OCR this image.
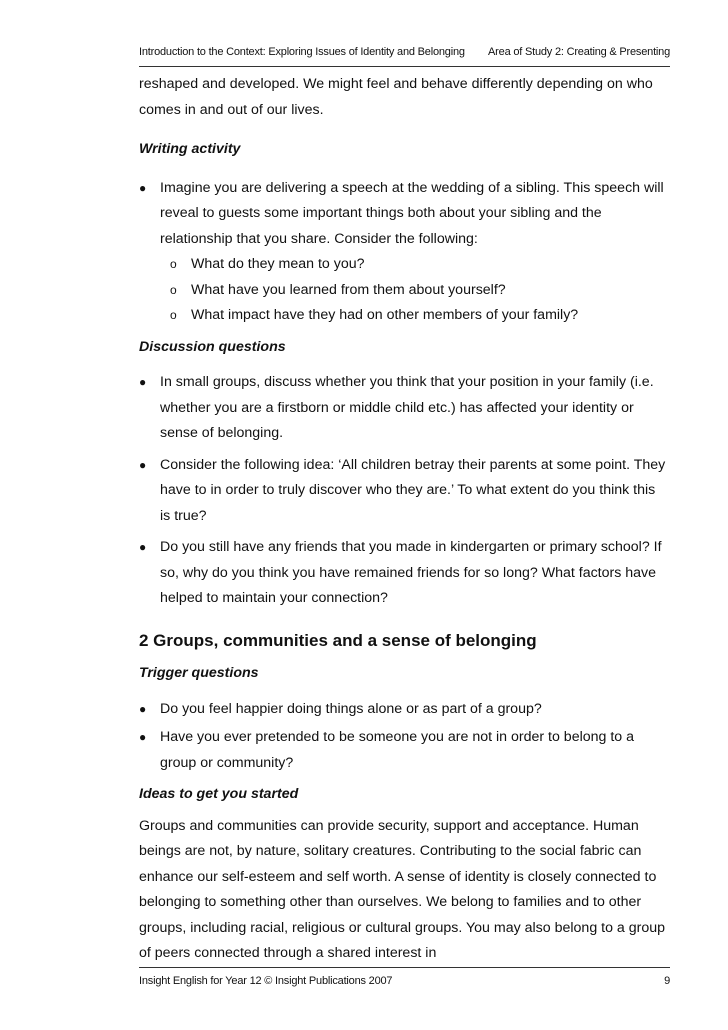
Introduction to the Context: Exploring Issues of Identity and Belonging Area of Study 2: Creating & Presenting

reshaped and developed. We might feel and behave differently depending on who comes in and out of our lives.

Writing activity

● Imagine you are delivering a speech at the wedding of a sibling. This speech will reveal to guests some important things both about your sibling and the relationship that you share. Consider the following:
o What do they mean to you?
o What have you learned from them about yourself?
o What impact have they had on other members of your family?

Discussion questions

● In small groups, discuss whether you think that your position in your family (i.e. whether you are a firstborn or middle child etc.) has affected your identity or sense of belonging.
● Consider the following idea: ‘All children betray their parents at some point. They have to in order to truly discover who they are.’ To what extent do you think this is true?
● Do you still have any friends that you made in kindergarten or primary school? If so, why do you think you have remained friends for so long? What factors have helped to maintain your connection?

2 Groups, communities and a sense of belonging

Trigger questions

● Do you feel happier doing things alone or as part of a group?
● Have you ever pretended to be someone you are not in order to belong to a group or community?

Ideas to get you started

Groups and communities can provide security, support and acceptance. Human beings are not, by nature, solitary creatures. Contributing to the social fabric can enhance our self-esteem and self worth. A sense of identity is closely connected to belonging to something other than ourselves. We belong to families and to other groups, including racial, religious or cultural groups. You may also belong to a group of peers connected through a shared interest in

Insight English for Year 12 © Insight Publications 2007	9
